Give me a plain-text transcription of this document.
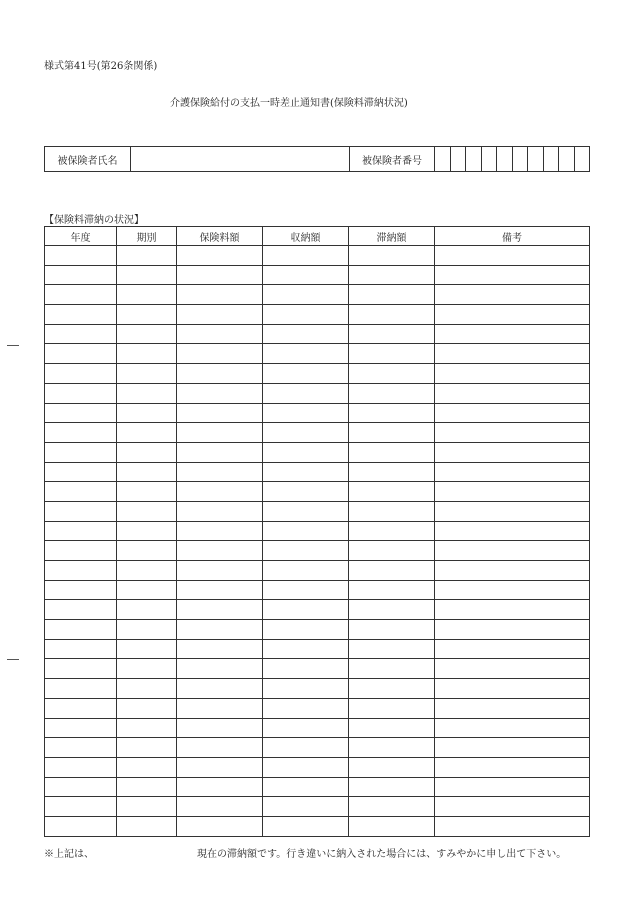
様式第41号(第26条関係)
介護保険給付の支払一時差止通知書(保険料滞納状況)
被保険者氏名		被保険者番号										
【保険料滞納の状況】
年度	期別	保険料額	収納額	滞納額	備考

※上記は、	現在の滞納額です。行き違いに納入された場合には、すみやかに申し出て下さい。
